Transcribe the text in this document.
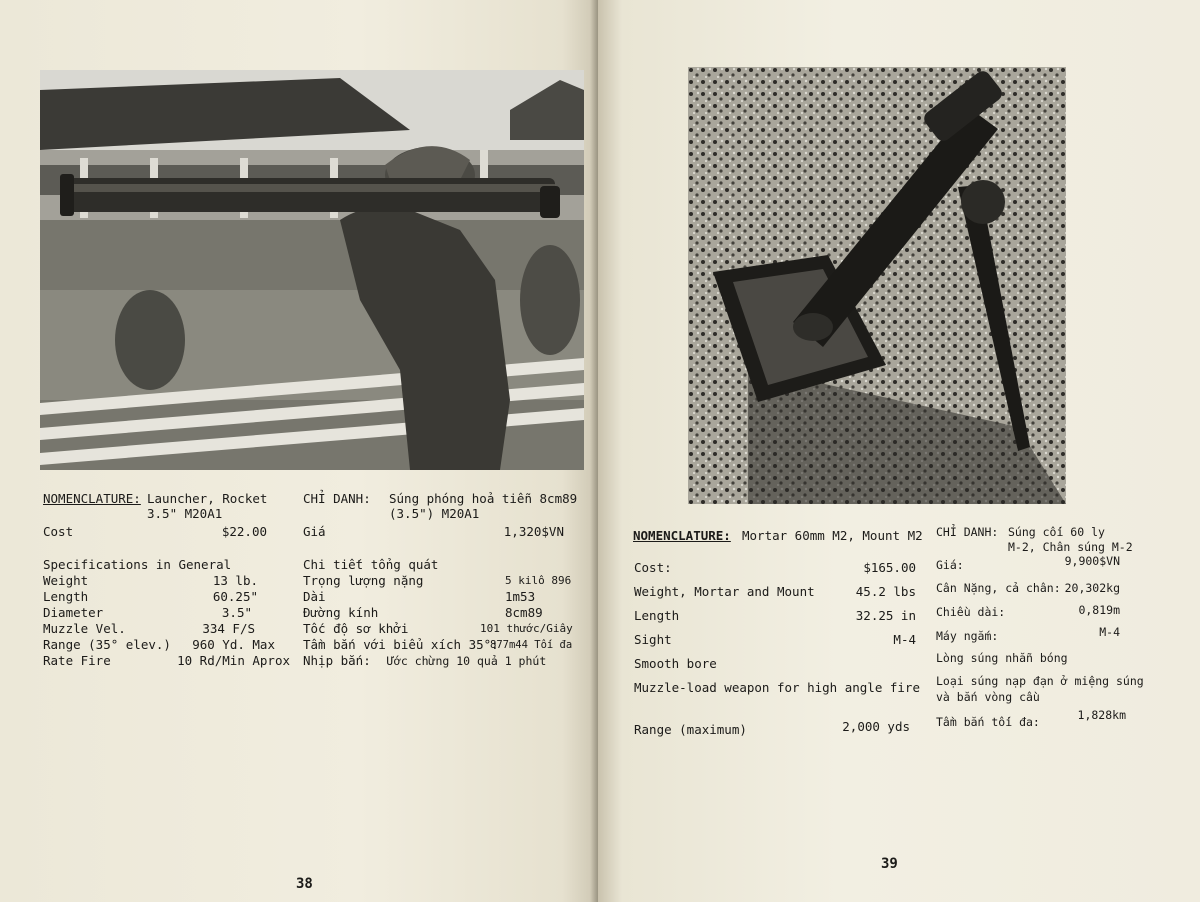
NOMENCLATURE: Launcher, Rocket
3.5" M20A1
Cost	$22.00
Specifications in General
Weight	13 lb.
Length	60.25"
Diameter	3.5"
Muzzle Vel.	334 F/S
Range (35° elev.)	960 Yd. Max
Rate Fire	10 Rd/Min Aprox
CHỈ DANH: Súng phóng hoả tiễn 8cm89
(3.5") M20A1
Giá	1,320$VN
Chi tiết tổng quát
Trọng lượng nặng	5 kilô 896
Dài	1m53
Đường kính	8cm89
Tốc độ sơ khởi	101 thước/Giây
Tầm bắn với biểu xích 35°:
877m44 Tối đa
Nhịp bắn: Ước chừng 10 quả 1 phút
38
NOMENCLATURE: Mortar 60mm M2, Mount M2
Cost:	$165.00
Weight, Mortar and Mount	45.2 lbs
Length	32.25 in
Sight	M-4
Smooth bore
Muzzle-load weapon for high angle fire
Range (maximum)	2,000 yds
CHỈ DANH: Súng cối 60 ly
M-2, Chân súng M-2
Giá:	9,900$VN
Cân Nặng, cả chân: 20,302kg
Chiều dài:	0,819m
Máy ngắm:	M-4
Lòng súng nhẵn bóng
Loại súng nạp đạn ở miệng súng
và bắn vòng cầu
Tầm bắn tối đa:	1,828km
39
